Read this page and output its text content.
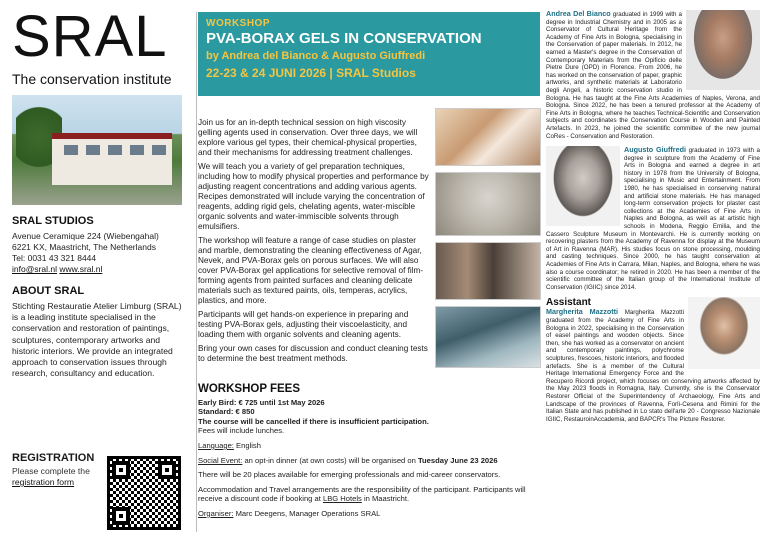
SRAL
The conservation institute
SRAL STUDIOS
Avenue Ceramique 224 (Wiebengahal)
6221 KX, Maastricht, The Netherlands
Tel: 0031 43 321 8444
info@sral.nl www.sral.nl
ABOUT SRAL
Stichting Restauratie Atelier Limburg (SRAL) is a leading institute specialised in the conservation and restoration of paintings, sculptures, contemporary artworks and historic interiors. We provide an integrated approach to conservation issues through research, consultancy and education.
REGISTRATION
Please complete the
registration form
WORKSHOP
PVA-BORAX GELS IN CONSERVATION
by Andrea del Bianco & Augusto Giuffredi
22-23 & 24 JUNI 2026 | SRAL Studios

Join us for an in-depth technical session on high viscosity gelling agents used in conservation. Over three days, we will explore various gel types, their chemical-physical properties, and their mechanisms for addressing treatment challenges.

We will teach you a variety of gel preparation techniques, including how to modify physical properties and performance by adjusting reagent concentrations and adding various agents. Recipes demonstrated will include varying the concentration of reagents, adding rigid gels, chelating agents, water-miscible organic solvents and water-immiscible solvents through emulsifiers.

The workshop will feature a range of case studies on plaster and marble, demonstrating the cleaning effectiveness of Agar, Nevek, and PVA-Borax gels on porous surfaces. We will also cover PVA-Borax gel applications for selective removal of film-forming agents from painted surfaces and cleaning delicate materials such as textured paints, oils, temperas, acrylics, plastics, and more.

Participants will get hands-on experience in preparing and testing PVA-Borax gels, adjusting their viscoelasticity, and loading them with organic solvents and cleaning agents.

Bring your own cases for discussion and conduct cleaning tests to determine the best treatment methods.

WORKSHOP FEES

Early Bird: € 725 until 1st May 2026
Standard: € 850
The course will be cancelled if there is insufficient participation.
Fees will include lunches.

Language: English

Social Event: an opt-in dinner (at own costs) will be organised on Tuesday June 23 2026

There will be 20 places available for emerging professionals and mid-career conservators.

Accommodation and Travel arrangements are the responsibility of the participant. Participants will receive a discount code if booking at LBG Hotels in Maastricht.

Organiser: Marc Deegens, Manager Operations SRAL

Andrea Del Bianco graduated in 1999 with a degree in Industrial Chemistry and in 2005 as a Conservator of Cultural Heritage from the Academy of Fine Arts in Bologna, specialising in the Conservation of paper materials. In 2012, he earned a Master's degree in the Conservation of Contemporary Materials from the Opificio delle Pietre Dure (OPD) in Florence. From 2006, he has worked on the conservation of paper, graphic artworks, and synthetic materials at Laboratorio degli Angeli, a historic conservation studio in Bologna. He has taught at the Fine Arts Academies of Naples, Verona, and Bologna. Since 2022, he has been a tenured professor at the Academy of Fine Arts in Bologna, where he teaches Technical-Scientific and Conservation subjects and coordinates the Conservation Course in Wooden and Painted Artefacts. In 2023, he joined the scientific committee of the new journal CoRes - Conservation and Restoration.
Augusto Giuffredi graduated in 1973 with a degree in sculpture from the Academy of Fine Arts in Bologna and earned a degree in art history in 1978 from the University of Bologna, specialising in Music and Entertainment. From 1980, he has specialised in conserving natural and artificial stone materials. He has managed long-term conservation projects for plaster cast collections at the Academies of Fine Arts in Naples and Bologna, as well as at artistic high schools in Modena, Reggio Emilia, and the Cassero Sculpture Museum in Montevarchi. He is currently working on recovering plasters from the Academy of Ravenna for display at the Museum of Art in Ravenna (MAR). His studies focus on stone processing, moulding and casting techniques. Since 2000, he has taught conservation at Academies of Fine Arts in Carrara, Milan, Naples, and Bologna, where he was also a course coordinator; he retired in 2020. He has been a member of the scientific committee of the Italian group of the International Institute of Conservation (IGIIC) since 2014.
Assistant
Margherita Mazzotti Margherita Mazzotti graduated from the Academy of Fine Arts in Bologna in 2022, specialising in the Conservation of easel paintings and wooden objects. Since then, she has worked as a conservator on ancient and contemporary paintings, polychrome sculptures, frescoes, historic interiors, and flooded artefacts. She is a member of the Cultural Heritage International Emergency Force and the Recupero Ricordi project, which focuses on conserving artworks affected by the May 2023 floods in Romagna, Italy. Currently, she is the Conservator Restorer Official of the Superintendency of Archaeology, Fine Arts and Landscape of the provinces of Ravenna, Forlì-Cesena and Rimini for the Italian State and has published in Lo stato dell'arte 20 - Congresso Nazionale IGIIC, RestauroinAccademia, and BAPCR's The Picture Restorer.
